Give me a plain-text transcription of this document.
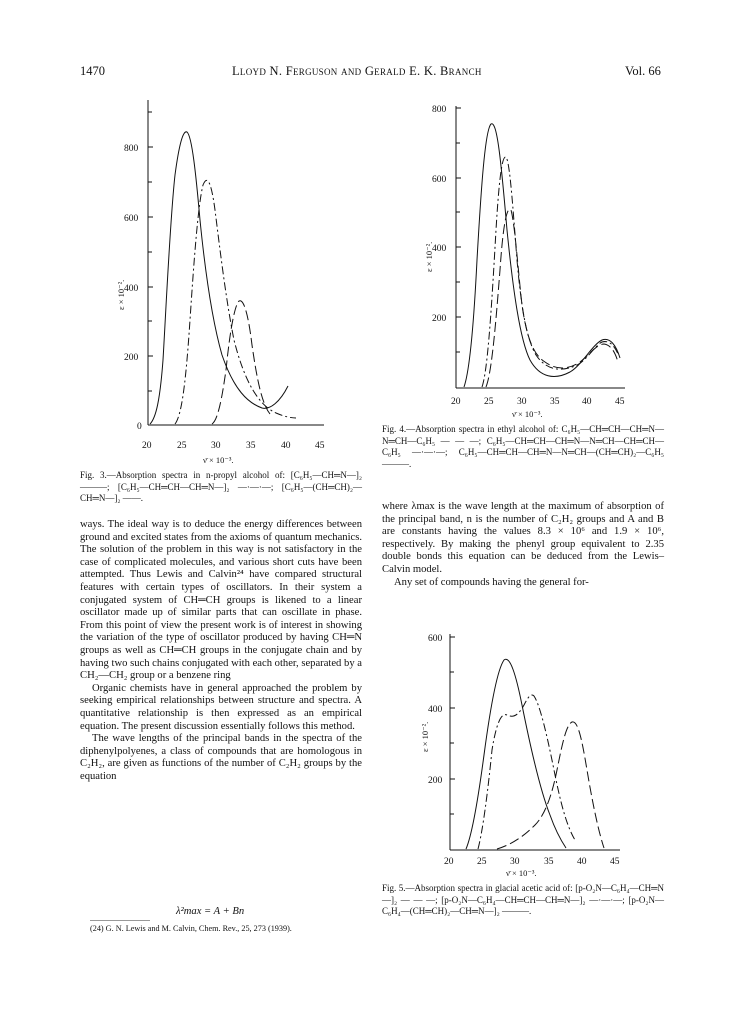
1470	Lloyd N. Ferguson and Gerald E. K. Branch	Vol. 66
800
600
400
200
0
20	25	30	35	40	45
ν̄ × 10⁻³.
ε × 10⁻².
Fig. 3.—Absorption spectra in n-propyl alcohol of: [C₆H₅—CH═N—]₂ ———; [C₆H₅—CH═CH—CH═N—]₂ —·—·—; [C₆H₅—(CH═CH)₂—CH═N—]₂ ——.
800
600
400
200
20 25 30 35 40 45
ν̄ × 10⁻³.
ε × 10⁻².
Fig. 4.—Absorption spectra in ethyl alcohol of: C₆H₅—CH═CH—CH═N—N═CH—C₆H₅ — — —; C₆H₅—CH═CH—CH═N—N═CH—CH═CH—C₆H₅ —·—·—; C₆H₅—CH═CH—CH═N—N═CH—(CH═CH)₂—C₆H₅ ———.
600
400
200
20 25 30	35 40 45
ν̄ × 10⁻³.
ε × 10⁻².
Fig. 5.—Absorption spectra in glacial acetic acid of: [p-O₂N—C₆H₄—CH═N—]₂ — — —; [p-O₂N—C₆H₄—CH═CH—CH═N—]₂ —·—·—; [p-O₂N—C₆H₄—(CH═CH)₂—CH═N—]₂ ———.

ways. The ideal way is to deduce the energy differences between ground and excited states from the axioms of quantum mechanics. The solution of the problem in this way is not satisfactory in the case of complicated molecules, and various short cuts have been attempted. Thus Lewis and Calvin²⁴ have compared structural features with certain types of oscillators. In their system a conjugated system of CH═CH groups is likened to a linear oscillator made up of similar parts that can oscillate in phase. From this point of view the present work is of interest in showing the variation of the type of oscillator produced by having CH═N groups as well as CH═CH groups in the conjugate chain and by having two such chains conjugated with each other, separated by a CH₂—CH₂ group or a benzene ring

Organic chemists have in general approached the problem by seeking empirical relationships between structure and spectra. A quantitative relationship is then expressed as an empirical equation. The present discussion essentially follows this method.

The wave lengths of the principal bands in the spectra of the diphenylpolyenes, a class of compounds that are homologous in C₂H₂, are given as functions of the number of C₂H₂ groups by the equation

λ²max = A + Bn
(24) G. N. Lewis and M. Calvin, Chem. Rev., 25, 273 (1939).

where λmax is the wave length at the maximum of absorption of the principal band, n is the number of C₂H₂ groups and A and B are constants having the values 8.3 × 10⁶ and 1.9 × 10⁶, respectively. By making the phenyl group equivalent to 2.35 double bonds this equation can be deduced from the Lewis–Calvin model.

Any set of compounds having the general for-
